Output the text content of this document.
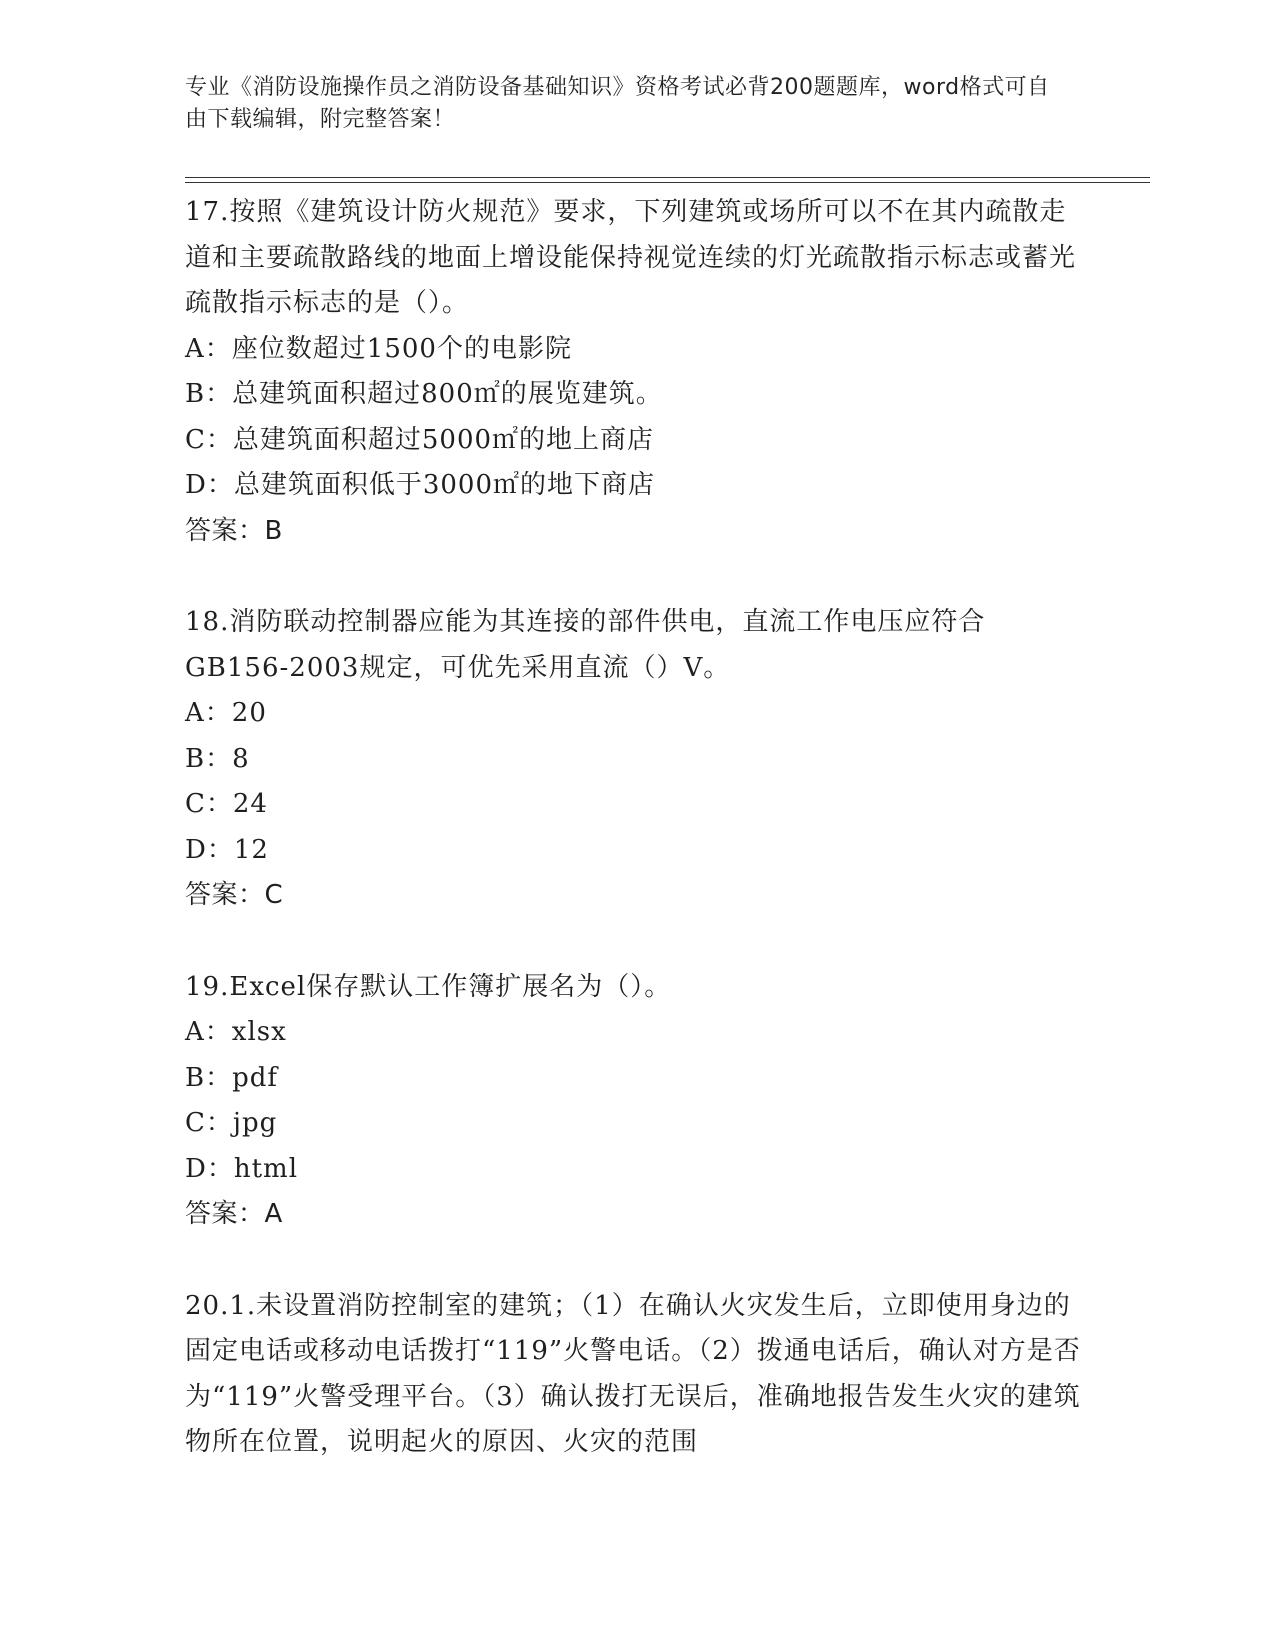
专业《消防设施操作员之消防设备基础知识》资格考试必背200题题库，word格式可自由下载编辑，附完整答案！
17.按照《建筑设计防火规范》要求，下列建筑或场所可以不在其内疏散走道和主要疏散路线的地面上增设能保持视觉连续的灯光疏散指示标志或蓄光疏散指示标志的是（）。
A：座位数超过1500个的电影院
B：总建筑面积超过800㎡的展览建筑。
C：总建筑面积超过5000㎡的地上商店
D：总建筑面积低于3000㎡的地下商店
答案：B
18.消防联动控制器应能为其连接的部件供电，直流工作电压应符合GB156-2003规定，可优先采用直流（）V。
A：20
B：8
C：24
D：12
答案：C
19.Excel保存默认工作簿扩展名为（）。
A：xlsx
B：pdf
C：jpg
D：html
答案：A
20.1.未设置消防控制室的建筑；（1）在确认火灾发生后，立即使用身边的固定电话或移动电话拨打“119”火警电话。（2）拨通电话后，确认对方是否为“119”火警受理平台。（3）确认拨打无误后，准确地报告发生火灾的建筑物所在位置，说明起火的原因、火灾的范围
